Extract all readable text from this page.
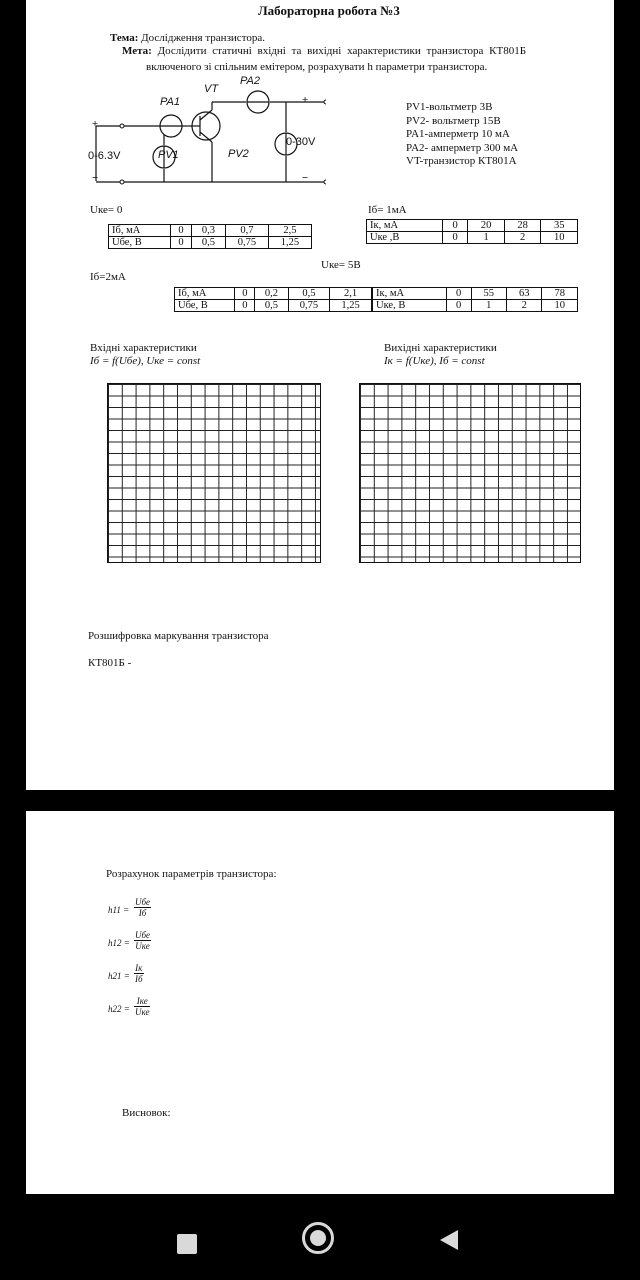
Лабораторна робота №3
Тема: Дослідження транзистора.
Мета: Дослідити статичні вхідні та вихідні характеристики транзистора КТ801Б
включеного зі спільним емітером, розрахувати h параметри транзистора.
PA1
PA2
VT
PV1	PV2
0-6.3V
0-30V
+
+
−	−
PV1-вольтметр 3В
PV2- вольтметр 15В
PA1-амперметр 10 мА
PA2- амперметр 300 мА
VT-транзистор КТ801А
Uке= 0	Іб= 1мА
Uке= 5В
Іб=2мА
Іб, мА	0	0,3	0,7	2,5
Uбе, В	0	0,5	0,75	1,25
Ік, мА	0	20	28	35
Uке ,В	0	1	2	10
Іб, мА	0	0,2	0,5	2,1
Uбе, В	0	0,5	0,75	1,25
Ік, мА	0	55	63	78
Uке, В	0	1	2	10
Вхідні характеристики
Iб = f(Uбе), Uке = const
Вихідні характеристики
Iк = f(Uке), Іб = const
Розшифровка маркування транзистора
КТ801Б -
Розрахунок параметрів транзистора:
h11 =
Uбе
Iб
h12 =
Uбе
Uке
h21 =
Iк
Iб
h22 =
Iке
Uке
Висновок:
